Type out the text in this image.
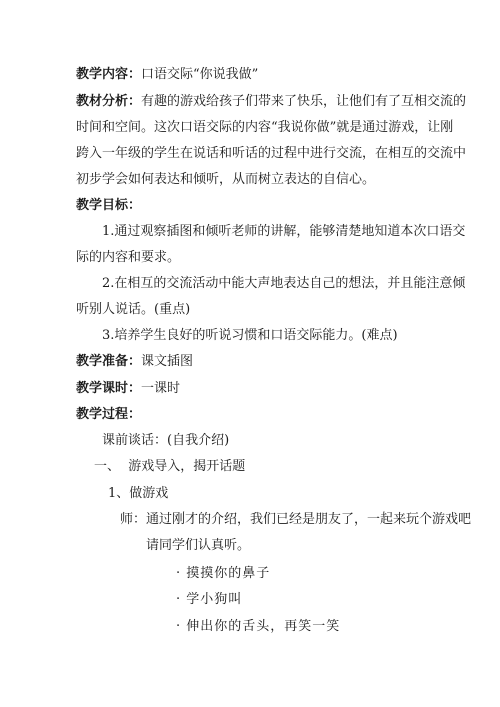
教学内容：口语交际“你说我做”
教材分析：有趣的游戏给孩子们带来了快乐，让他们有了互相交流的
时间和空间。这次口语交际的内容“我说你做”就是通过游戏，让刚
跨入一年级的学生在说话和听话的过程中进行交流，在相互的交流中
初步学会如何表达和倾听，从而树立表达的自信心。
教学目标：
1.通过观察插图和倾听老师的讲解，能够清楚地知道本次口语交
际的内容和要求。
2.在相互的交流活动中能大声地表达自己的想法，并且能注意倾
听别人说话。(重点)
3.培养学生良好的听说习惯和口语交际能力。(难点)
教学准备：课文插图
教学课时：一课时
教学过程：
课前谈话：(自我介绍)
一、  游戏导入，揭开话题
1、做游戏
师：通过刚才的介绍，我们已经是朋友了，一起来玩个游戏吧
请同学们认真听。
· 摸摸你的鼻子
· 学小狗叫
· 伸出你的舌头，再笑一笑
